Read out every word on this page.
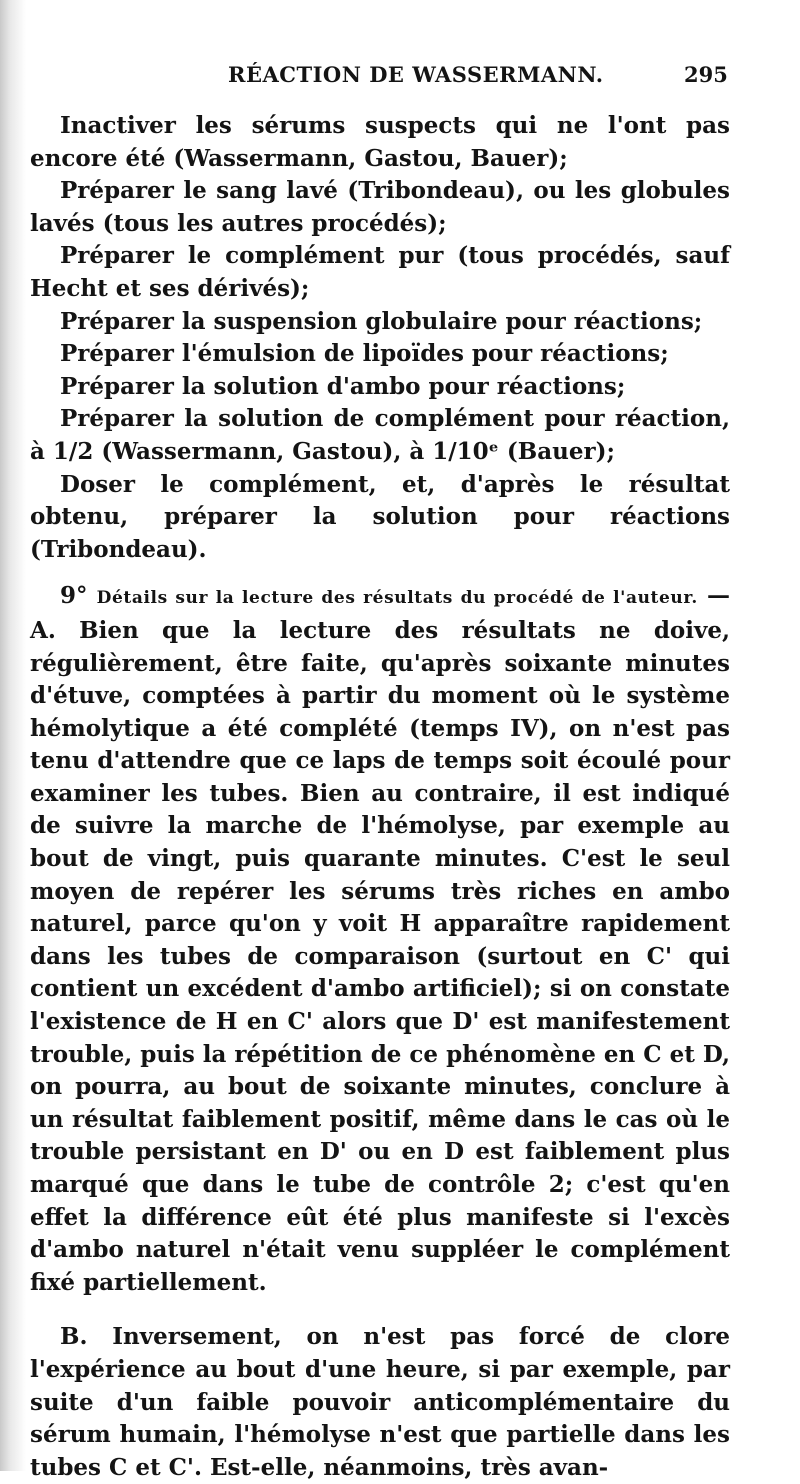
RÉACTION DE WASSERMANN.	295

Inactiver les sérums suspects qui ne l'ont pas encore été (Wassermann, Gastou, Bauer);

Préparer le sang lavé (Tribondeau), ou les globules lavés (tous les autres procédés);

Préparer le complément pur (tous procédés, sauf Hecht et ses dérivés);

Préparer la suspension globulaire pour réactions;

Préparer l'émulsion de lipoïdes pour réactions;

Préparer la solution d'ambo pour réactions;

Préparer la solution de complément pour réaction, à 1/2 (Wassermann, Gastou), à 1/10ᵉ (Bauer);

Doser le complément, et, d'après le résultat obtenu, préparer la solution pour réactions (Tribondeau).

9° Détails sur la lecture des résultats du procédé de l'auteur. — A. Bien que la lecture des résultats ne doive, régulièrement, être faite, qu'après soixante minutes d'étuve, comptées à partir du moment où le système hémolytique a été complété (temps IV), on n'est pas tenu d'attendre que ce laps de temps soit écoulé pour examiner les tubes. Bien au contraire, il est indiqué de suivre la marche de l'hémolyse, par exemple au bout de vingt, puis quarante minutes. C'est le seul moyen de repérer les sérums très riches en ambo naturel, parce qu'on y voit H apparaître rapidement dans les tubes de comparaison (surtout en C' qui contient un excédent d'ambo artificiel); si on constate l'existence de H en C' alors que D' est manifestement trouble, puis la répétition de ce phénomène en C et D, on pourra, au bout de soixante minutes, conclure à un résultat faiblement positif, même dans le cas où le trouble persistant en D' ou en D est faiblement plus marqué que dans le tube de contrôle 2; c'est qu'en effet la différence eût été plus manifeste si l'excès d'ambo naturel n'était venu suppléer le complément fixé partiellement.

B. Inversement, on n'est pas forcé de clore l'expérience au bout d'une heure, si par exemple, par suite d'un faible pouvoir anticomplémentaire du sérum humain, l'hémolyse n'est que partielle dans les tubes C et C'. Est-elle, néanmoins, très avan-
